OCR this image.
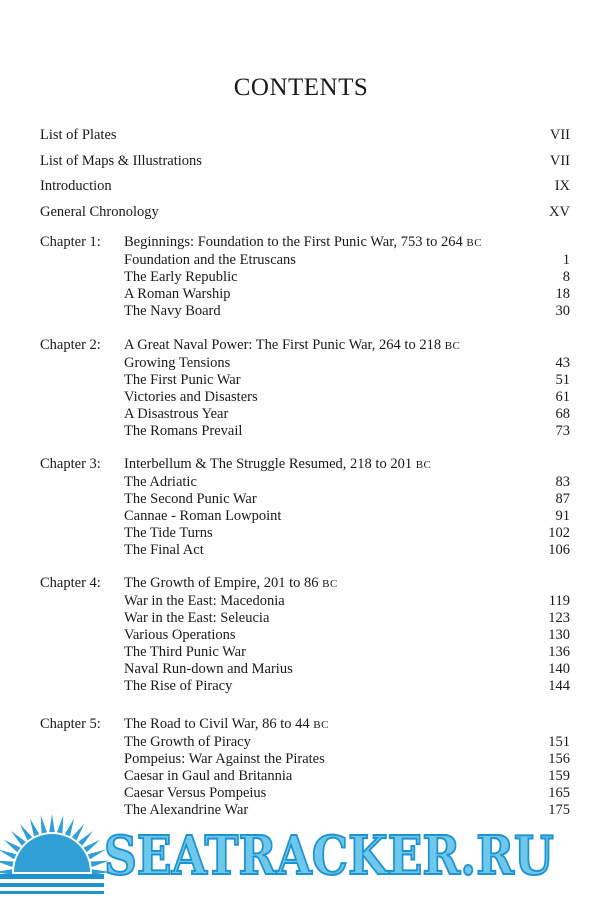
CONTENTS
List of Plates	VII
List of Maps & Illustrations	VII
Introduction	IX
General Chronology	XV
Chapter 1:	Beginnings: Foundation to the First Punic War, 753 to 264 BC
Foundation and the Etruscans	1
The Early Republic	8
A Roman Warship	18
The Navy Board	30
Chapter 2:	A Great Naval Power: The First Punic War, 264 to 218 BC
Growing Tensions	43
The First Punic War	51
Victories and Disasters	61
A Disastrous Year	68
The Romans Prevail	73
Chapter 3:	Interbellum & The Struggle Resumed, 218 to 201 BC
The Adriatic	83
The Second Punic War	87
Cannae - Roman Lowpoint	91
The Tide Turns	102
The Final Act	106
Chapter 4:	The Growth of Empire, 201 to 86 BC
War in the East: Macedonia	119
War in the East: Seleucia	123
Various Operations	130
The Third Punic War	136
Naval Run-down and Marius	140
The Rise of Piracy	144
Chapter 5:	The Road to Civil War, 86 to 44 BC
The Growth of Piracy	151
Pompeius: War Against the Pirates	156
Caesar in Gaul and Britannia	159
Caesar Versus Pompeius	165
The Alexandrine War	175
SEATRACKER.RU
